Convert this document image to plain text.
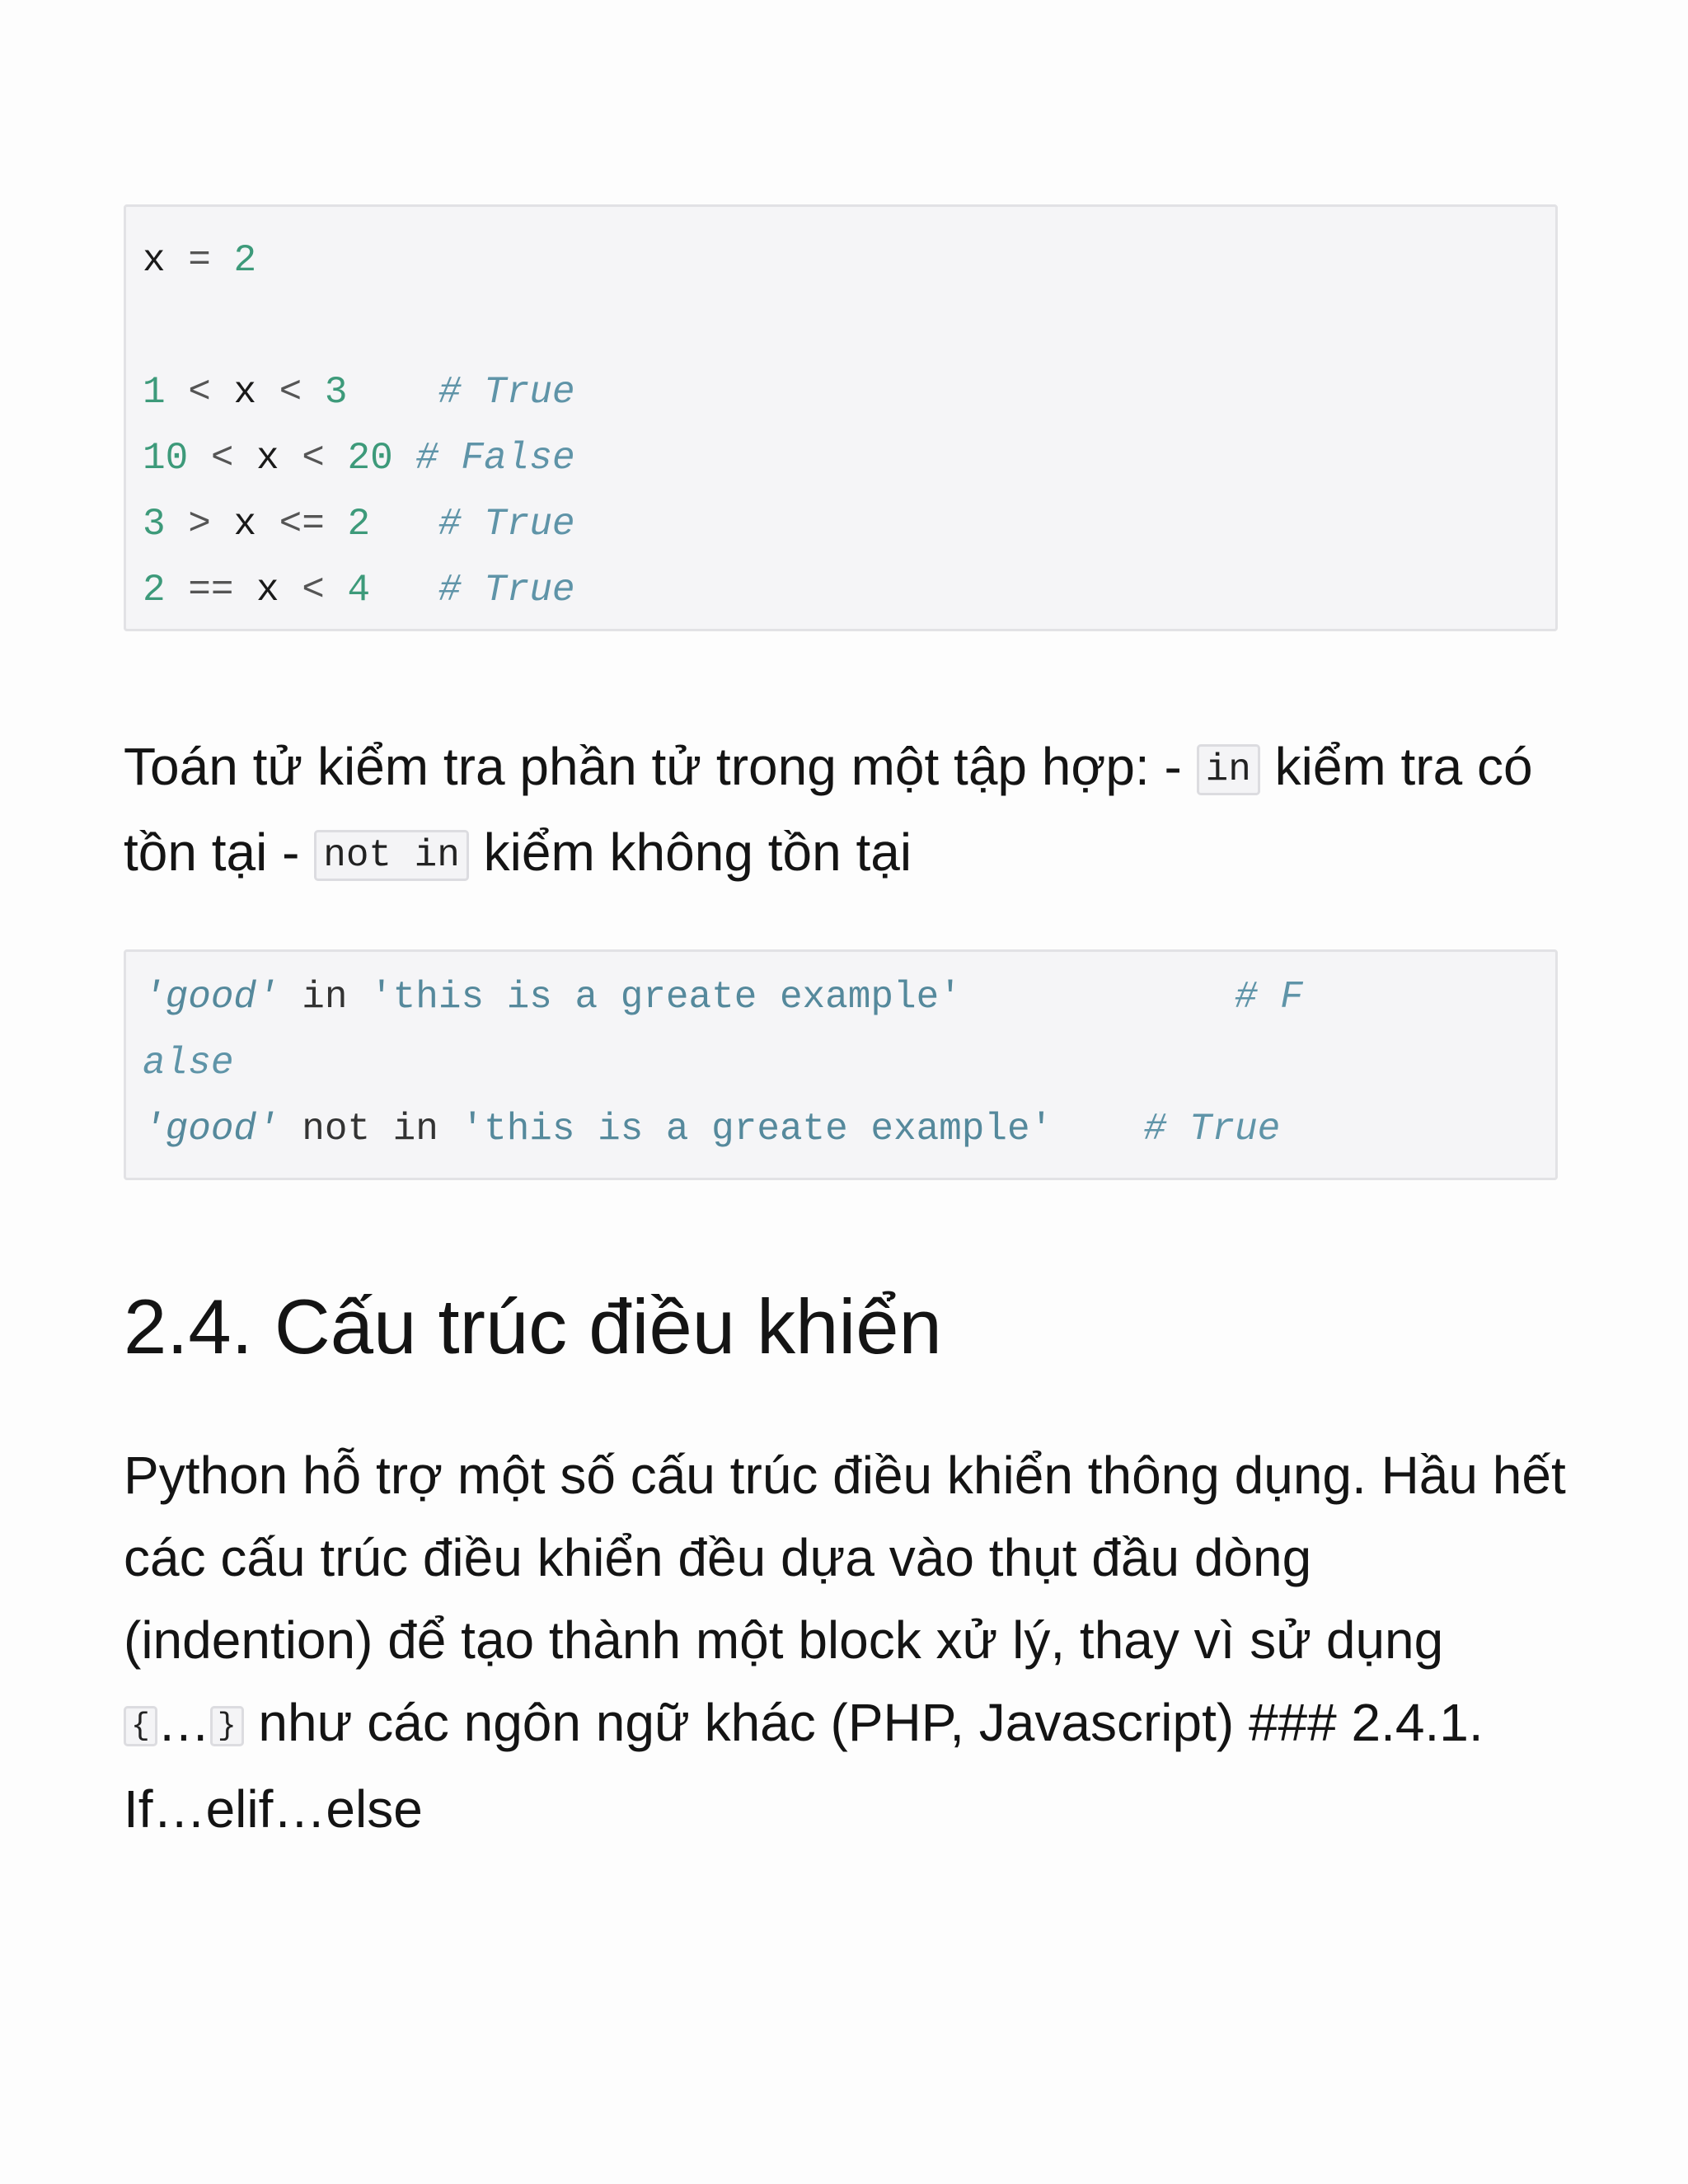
x = 2

1 < x < 3 # True
10 < x < 20 # False
3 > x <= 2 # True
2 == x < 4 # True
Toán tử kiểm tra phần tử trong một tập hợp: - in kiểm tra có tồn tại - not in kiểm không tồn tại
'good' in 'this is a greate example'	# F
alse
'good' not in 'this is a greate example' # True
2.4. Cấu trúc điều khiển
Python hỗ trợ một số cấu trúc điều khiển thông dụng. Hầu hết các cấu trúc điều khiển đều dựa vào thụt đầu dòng (indention) để tạo thành một block xử lý, thay vì sử dụng { … } như các ngôn ngữ khác (PHP, Javascript) ### 2.4.1. If…elif…else
